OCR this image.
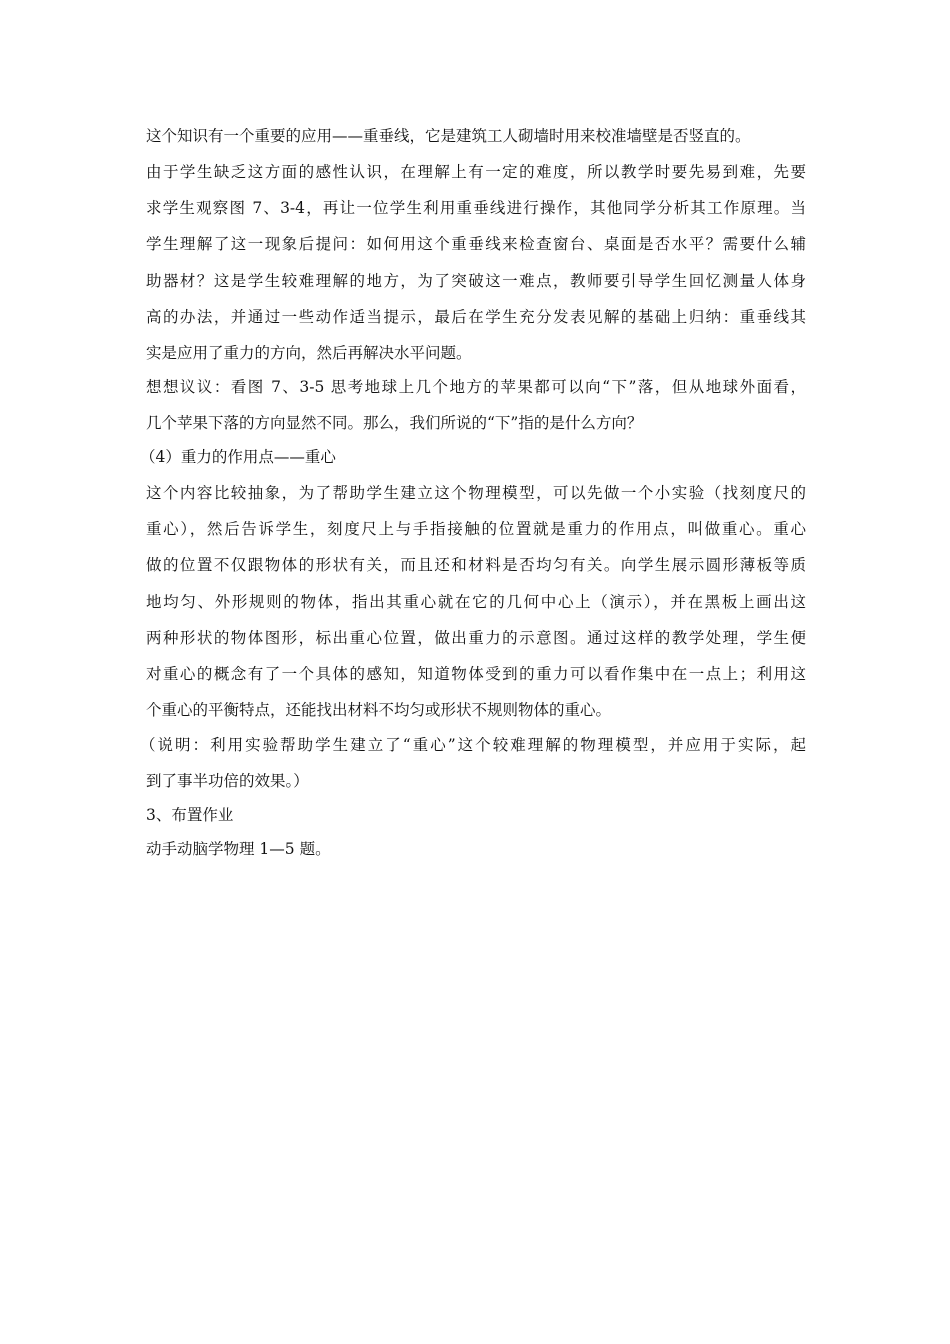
这个知识有一个重要的应用——重垂线，它是建筑工人砌墙时用来校准墙壁是否竖直的。
由于学生缺乏这方面的感性认识，在理解上有一定的难度，所以教学时要先易到难，先要
求学生观察图 7、3-4，再让一位学生利用重垂线进行操作，其他同学分析其工作原理。当
学生理解了这一现象后提问：如何用这个重垂线来检查窗台、桌面是否水平？需要什么辅
助器材？这是学生较难理解的地方，为了突破这一难点，教师要引导学生回忆测量人体身
高的办法，并通过一些动作适当提示，最后在学生充分发表见解的基础上归纳：重垂线其
实是应用了重力的方向，然后再解决水平问题。
想想议议：看图 7、3-5 思考地球上几个地方的苹果都可以向“下”落，但从地球外面看，
几个苹果下落的方向显然不同。那么，我们所说的“下”指的是什么方向？
（4）重力的作用点——重心
这个内容比较抽象，为了帮助学生建立这个物理模型，可以先做一个小实验（找刻度尺的
重心），然后告诉学生，刻度尺上与手指接触的位置就是重力的作用点，叫做重心。重心
做的位置不仅跟物体的形状有关，而且还和材料是否均匀有关。向学生展示圆形薄板等质
地均匀、外形规则的物体，指出其重心就在它的几何中心上（演示），并在黑板上画出这
两种形状的物体图形，标出重心位置，做出重力的示意图。通过这样的教学处理，学生便
对重心的概念有了一个具体的感知，知道物体受到的重力可以看作集中在一点上；利用这
个重心的平衡特点，还能找出材料不均匀或形状不规则物体的重心。
（说明：利用实验帮助学生建立了“重心”这个较难理解的物理模型，并应用于实际，起
到了事半功倍的效果。）
3、布置作业
动手动脑学物理 1—5 题。
